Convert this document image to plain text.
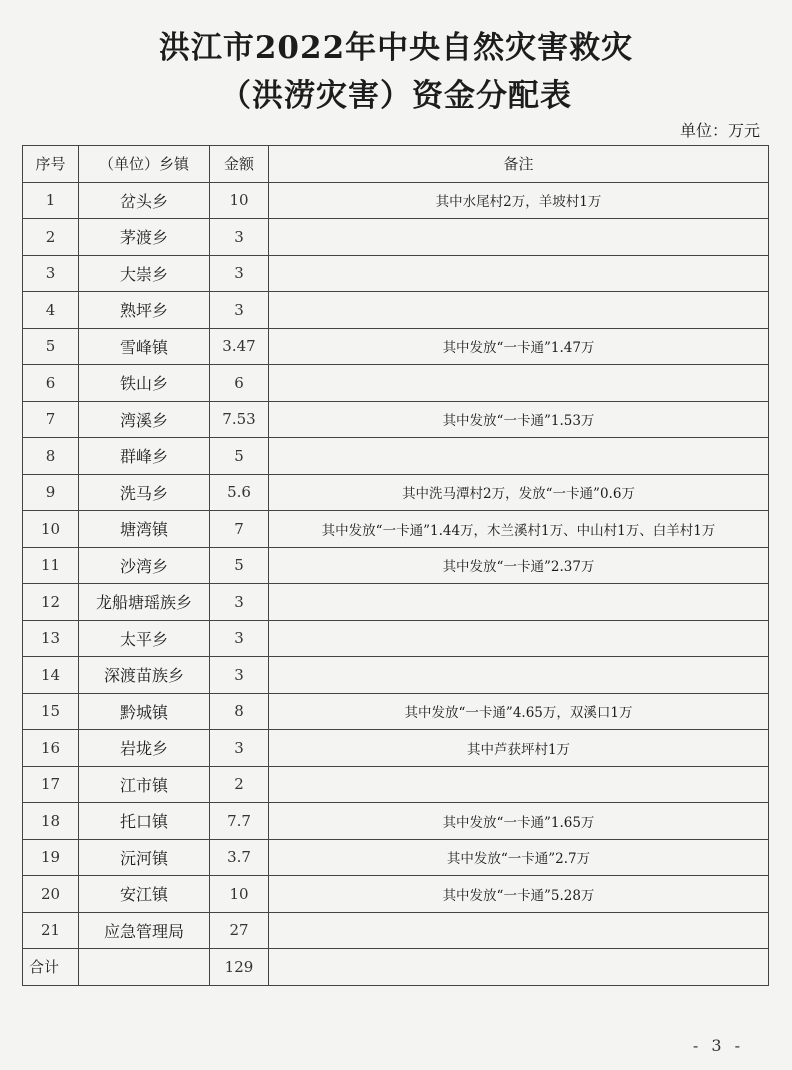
洪江市2022年中央自然灾害救灾
（洪涝灾害）资金分配表
单位：万元
序号	（单位）乡镇	金额	备注
1	岔头乡	10	其中水尾村2万，羊坡村1万
2	茅渡乡	3	
3	大崇乡	3	
4	熟坪乡	3	
5	雪峰镇	3.47	其中发放“一卡通”1.47万
6	铁山乡	6	
7	湾溪乡	7.53	其中发放“一卡通”1.53万
8	群峰乡	5	
9	洗马乡	5.6	其中洗马潭村2万，发放“一卡通”0.6万
10	塘湾镇	7	其中发放“一卡通”1.44万，木兰溪村1万、中山村1万、白羊村1万
11	沙湾乡	5	其中发放“一卡通”2.37万
12	龙船塘瑶族乡	3	
13	太平乡	3	
14	深渡苗族乡	3	
15	黔城镇	8	其中发放“一卡通”4.65万，双溪口1万
16	岩垅乡	3	其中芦获坪村1万
17	江市镇	2	
18	托口镇	7.7	其中发放“一卡通”1.65万
19	沅河镇	3.7	其中发放“一卡通”2.7万
20	安江镇	10	其中发放“一卡通”5.28万
21	应急管理局	27	
合计		129	
- 3 -
